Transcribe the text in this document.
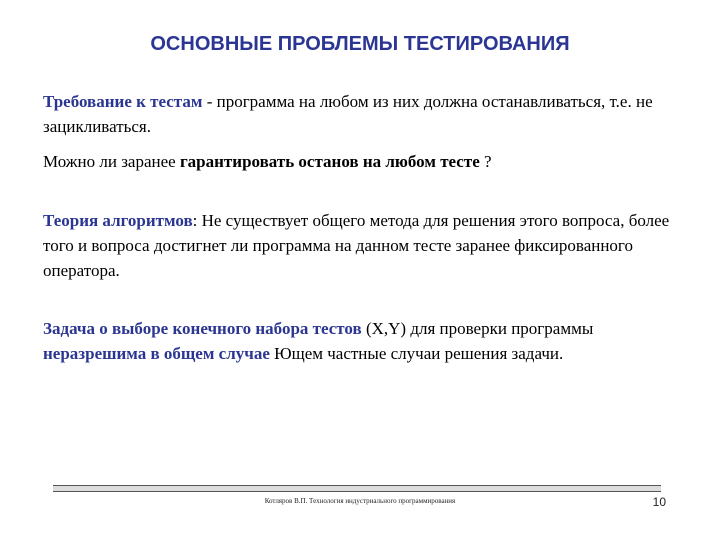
ОСНОВНЫЕ ПРОБЛЕМЫ ТЕСТИРОВАНИЯ
Требование к тестам - программа на любом из них должна останавливаться, т.е. не зацикливаться.
Можно ли заранее гарантировать останов на любом тесте ?
Теория алгоритмов: Не существует общего метода для решения этого вопроса, более того и вопроса достигнет ли программа на данном тесте заранее фиксированного оператора.
Задача о выборе конечного набора тестов (X,Y) для проверки программы неразрешима в общем случае Ющем частные случаи решения задачи.
Котляров В.П. Технология индустриального программирования	10
